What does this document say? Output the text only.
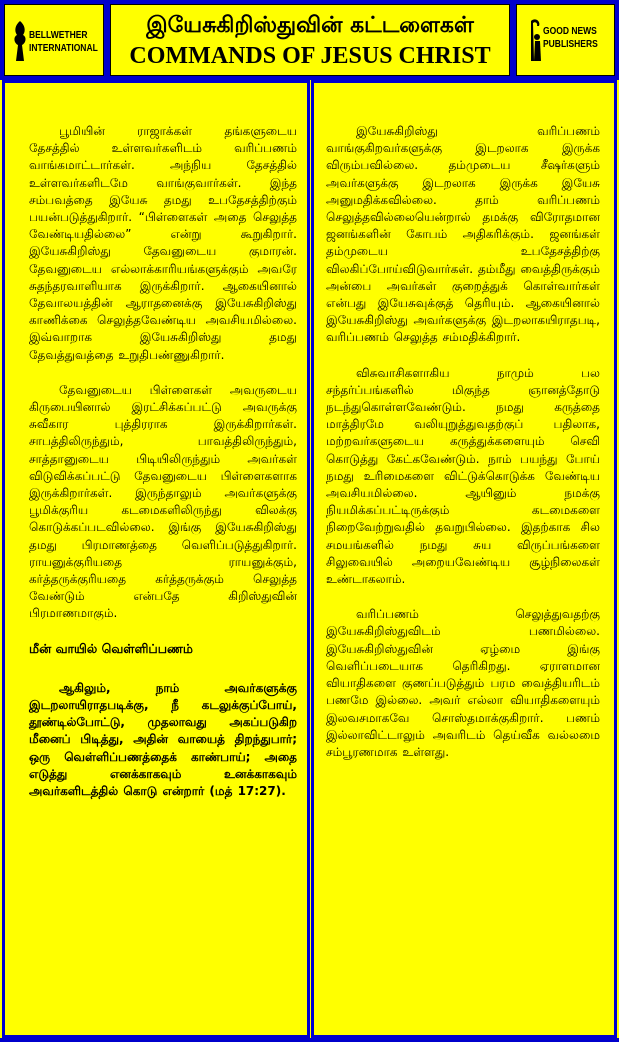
BELLWETHER
INTERNATIONAL
இயேசுகிறிஸ்துவின் கட்டளைகள்
COMMANDS OF JESUS CHRIST
GOOD NEWS
PUBLISHERS

பூமியின் ராஜாக்கள் தங்களுடைய தேசத்தில் உள்ளவர்களிடம் வரிப்பணம் வாங்கமாட்டார்கள். அந்நிய தேசத்தில் உள்ளவர்களிடமே வாங்குவார்கள். இந்த சம்பவத்தை இயேசு தமது உபதேசத்திற்கும் பயன்படுத்துகிறார். “பிள்ளைகள் அதை செலுத்த வேண்டியதில்லை” என்று கூறுகிறார். இயேசுகிறிஸ்து தேவனுடைய குமாரன். தேவனுடைய எல்லாக்காரியங்களுக்கும் அவரே சுதந்தரவாளியாக இருக்கிறார். ஆகையினால் தேவாலயத்தின் ஆராதனைக்கு இயேசுகிறிஸ்து காணிக்கை செலுத்தவேண்டிய அவசியமில்லை. இவ்வாறாக இயேசுகிறிஸ்து தமது தேவத்துவத்தை உறுதிபண்ணுகிறார்.

தேவனுடைய பிள்ளைகள் அவருடைய கிருபையினால் இரட்சிக்கப்பட்டு அவருக்கு சுவீகார புத்திரராக இருக்கிறார்கள். சாபத்திலிருந்தும், பாவத்திலிருந்தும், சாத்தானுடைய பிடியிலிருந்தும் அவர்கள் விடுவிக்கப்பட்டு தேவனுடைய பிள்ளைகளாக இருக்கிறார்கள். இருந்தாலும் அவர்களுக்கு பூமிக்குரிய கடமைகளிலிருந்து விலக்கு கொடுக்கப்படவில்லை. இங்கு இயேசுகிறிஸ்து தமது பிரமாணத்தை வெளிப்படுத்துகிறார். ராயனுக்குரியதை ராயனுக்கும், கர்த்தருக்குரியதை கர்த்தருக்கும் செலுத்த வேண்டும் என்பதே கிறிஸ்துவின் பிரமாணமாகும்.

மீன் வாயில் வெள்ளிப்பணம்

ஆகிலும், நாம் அவர்களுக்கு இடறலாயிராதபடிக்கு, நீ கடலுக்குப்போய், தூண்டில்போட்டு, முதலாவது அகப்படுகிற மீனைப் பிடித்து, அதின் வாயைத் திறந்துபார்; ஒரு வெள்ளிப்பணத்தைக் காண்பாய்; அதை எடுத்து எனக்காகவும் உனக்காகவும் அவர்களிடத்தில் கொடு என்றார் (மத் 17:27).

இயேசுகிறிஸ்து வரிப்பணம் வாங்குகிறவர்களுக்கு இடறலாக இருக்க விரும்பவில்லை. தம்முடைய சீஷர்களும் அவர்களுக்கு இடறலாக இருக்க இயேசு அனுமதிக்கவில்லை. தாம் வரிப்பணம் செலுத்தவில்லையென்றால் தமக்கு விரோதமான ஜனங்களின் கோபம் அதிகரிக்கும். ஜனங்கள் தம்முடைய உபதேசத்திற்கு விலகிப்போய்விடுவார்கள். தம்மீது வைத்திருக்கும் அன்பை அவர்கள் குறைத்துக் கொள்வார்கள் என்பது இயேசுவுக்குத் தெரியும். ஆகையினால் இயேசுகிறிஸ்து அவர்களுக்கு இடறலாகயிராதபடி, வரிப்பணம் செலுத்த சம்மதிக்கிறார்.

விசுவாசிகளாகிய நாமும் பல சந்தர்ப்பங்களில் மிகுந்த ஞானத்தோடு நடந்துகொள்ளவேண்டும். நமது கருத்தை மாத்திரமே வலியுறுத்துவதற்குப் பதிலாக, மற்றவர்களுடைய கருத்துக்களையும் செவி கொடுத்து கேட்கவேண்டும். நாம் பயந்து போய் நமது உரிமைகளை விட்டுக்கொடுக்க வேண்டிய அவசியமில்லை. ஆயினும் நமக்கு நியமிக்கப்பட்டிருக்கும் கடமைகளை நிறைவேற்றுவதில் தவறுபில்லை. இதற்காக சில சமயங்களில் நமது சுய விருப்பங்களை சிலுவையில் அறையவேண்டிய சூழ்நிலைகள் உண்டாகலாம்.

வரிப்பணம் செலுத்துவதற்கு இயேசுகிறிஸ்துவிடம் பணமில்லை. இயேசுகிறிஸ்துவின் ஏழ்மை இங்கு வெளிப்படையாக தெரிகிறது. ஏராளமான வியாதிகளை குணப்படுத்தும் பரம வைத்தியரிடம் பணமே இல்லை. அவர் எல்லா வியாதிகளையும் இலவசமாகவே சொஸ்தமாக்குகிறார். பணம் இல்லாவிட்டாலும் அவரிடம் தெய்வீக வல்லமை சம்பூரணமாக உள்ளது.
